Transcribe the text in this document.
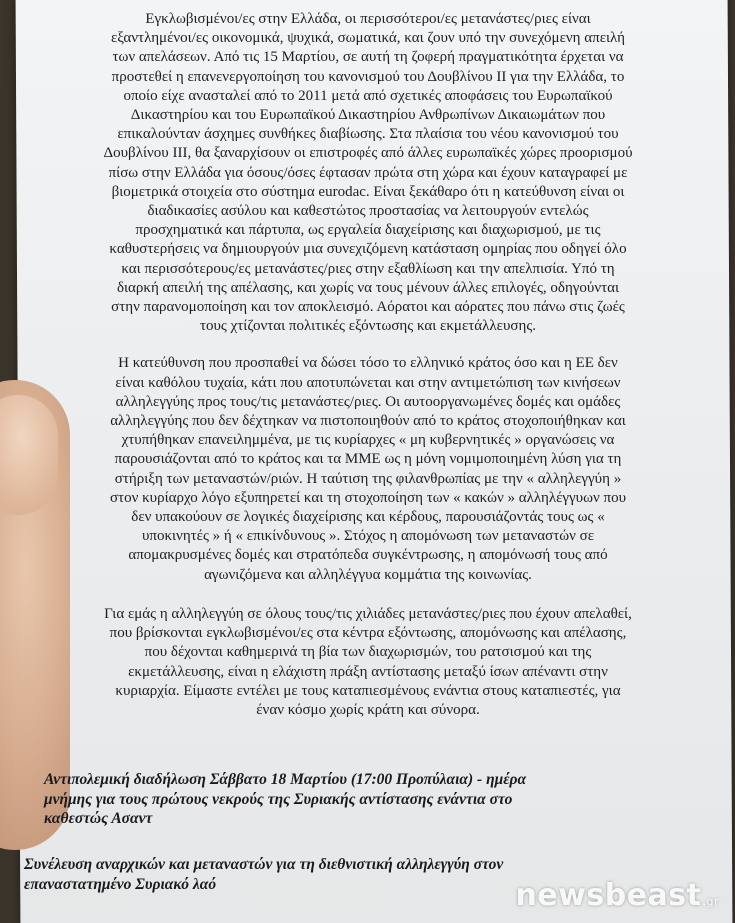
Εγκλωβισμένοι/ες στην Ελλάδα, οι περισσότεροι/ες μετανάστες/ριες είναι
εξαντλημένοι/ες οικονομικά, ψυχικά, σωματικά, και ζουν υπό την συνεχόμενη απειλή
των απελάσεων. Από τις 15 Μαρτίου, σε αυτή τη ζοφερή πραγματικότητα έρχεται να
προστεθεί η επανενεργοποίηση του κανονισμού του Δουβλίνου ΙΙ για την Ελλάδα, το
οποίο είχε ανασταλεί από το 2011 μετά από σχετικές αποφάσεις του Ευρωπαϊκού
Δικαστηρίου και του Ευρωπαϊκού Δικαστηρίου Ανθρωπίνων Δικαιωμάτων που
επικαλούνταν άσχημες συνθήκες διαβίωσης. Στα πλαίσια του νέου κανονισμού του
Δουβλίνου ΙΙΙ, θα ξαναρχίσουν οι επιστροφές από άλλες ευρωπαϊκές χώρες προορισμού
πίσω στην Ελλάδα για όσους/όσες έφτασαν πρώτα στη χώρα και έχουν καταγραφεί με
βιομετρικά στοιχεία στο σύστημα eurodac. Είναι ξεκάθαρο ότι η κατεύθυνση είναι οι
διαδικασίες ασύλου και καθεστώτος προστασίας να λειτουργούν εντελώς
προσχηματικά και πάρτυπα, ως εργαλεία διαχείρισης και διαχωρισμού, με τις
καθυστερήσεις να δημιουργούν μια συνεχιζόμενη κατάσταση ομηρίας που οδηγεί όλο
και περισσότερους/ες μετανάστες/ριες στην εξαθλίωση και την απελπισία. Υπό τη
διαρκή απειλή της απέλασης, και χωρίς να τους μένουν άλλες επιλογές, οδηγούνται
στην παρανομοποίηση και τον αποκλεισμό. Αόρατοι και αόρατες που πάνω στις ζωές
τους χτίζονται πολιτικές εξόντωσης και εκμετάλλευσης.

Η κατεύθυνση που προσπαθεί να δώσει τόσο το ελληνικό κράτος όσο και η ΕΕ δεν
είναι καθόλου τυχαία, κάτι που αποτυπώνεται και στην αντιμετώπιση των κινήσεων
αλληλεγγύης προς τους/τις μετανάστες/ριες. Οι αυτοοργανωμένες δομές και ομάδες
αλληλεγγύης που δεν δέχτηκαν να πιστοποιηθούν από το κράτος στοχοποιήθηκαν και
χτυπήθηκαν επανειλημμένα, με τις κυρίαρχες « μη κυβερνητικές » οργανώσεις να
παρουσιάζονται από το κράτος και τα ΜΜΕ ως η μόνη νομιμοποιημένη λύση για τη
στήριξη των μεταναστών/ριών. Η ταύτιση της φιλανθρωπίας με την « αλληλεγγύη »
στον κυρίαρχο λόγο εξυπηρετεί και τη στοχοποίηση των « κακών » αλληλέγγυων που
δεν υπακούουν σε λογικές διαχείρισης και κέρδους, παρουσιάζοντάς τους ως «
υποκινητές » ή « επικίνδυνους ». Στόχος η απομόνωση των μεταναστών σε
απομακρυσμένες δομές και στρατόπεδα συγκέντρωσης, η απομόνωσή τους από
αγωνιζόμενα και αλληλέγγυα κομμάτια της κοινωνίας.

Για εμάς η αλληλεγγύη σε όλους τους/τις χιλιάδες μετανάστες/ριες που έχουν απελαθεί,
που βρίσκονται εγκλωβισμένοι/ες στα κέντρα εξόντωσης, απομόνωσης και απέλασης,
που δέχονται καθημερινά τη βία των διαχωρισμών, του ρατσισμού και της
εκμετάλλευσης, είναι η ελάχιστη πράξη αντίστασης μεταξύ ίσων απέναντι στην
κυριαρχία. Είμαστε εντέλει με τους καταπιεσμένους ενάντια στους καταπιεστές, για
έναν κόσμο χωρίς κράτη και σύνορα.

Αντιπολεμική διαδήλωση Σάββατο 18 Μαρτίου (17:00 Προπύλαια) - ημέρα
μνήμης για τους πρώτους νεκρούς της Συριακής αντίστασης ενάντια στο
καθεστώς Ασαντ
Συνέλευση αναρχικών και μεταναστών για τη διεθνιστική αλληλεγγύη στον
επαναστατημένο Συριακό λαό	newsbeast.gr
